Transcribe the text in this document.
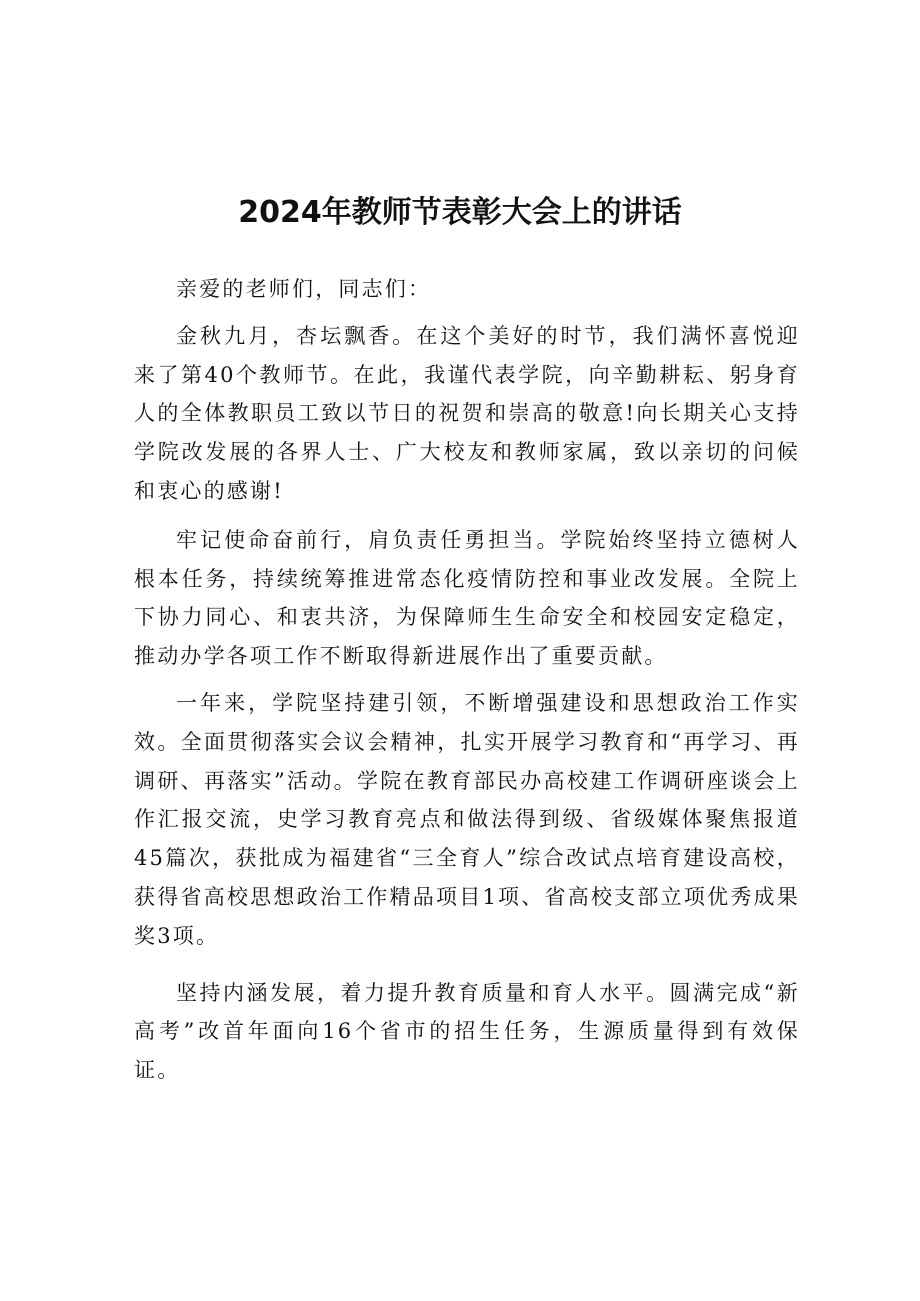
2024年教师节表彰大会上的讲话

亲爱的老师们，同志们：

金秋九月，杏坛飘香。在这个美好的时节，我们满怀喜悦迎来了第40个教师节。在此，我谨代表学院，向辛勤耕耘、躬身育人的全体教职员工致以节日的祝贺和崇高的敬意!向长期关心支持学院改发展的各界人士、广大校友和教师家属，致以亲切的问候和衷心的感谢!

牢记使命奋前行，肩负责任勇担当。学院始终坚持立德树人根本任务，持续统筹推进常态化疫情防控和事业改发展。全院上下协力同心、和衷共济，为保障师生生命安全和校园安定稳定，推动办学各项工作不断取得新进展作出了重要贡献。

一年来，学院坚持建引领，不断增强建设和思想政治工作实效。全面贯彻落实会议会精神，扎实开展学习教育和“再学习、再调研、再落实”活动。学院在教育部民办高校建工作调研座谈会上作汇报交流，史学习教育亮点和做法得到级、省级媒体聚焦报道45篇次，获批成为福建省“三全育人”综合改试点培育建设高校，获得省高校思想政治工作精品项目1项、省高校支部立项优秀成果奖3项。

坚持内涵发展，着力提升教育质量和育人水平。圆满完成“新高考”改首年面向16个省市的招生任务，生源质量得到有效保证。
